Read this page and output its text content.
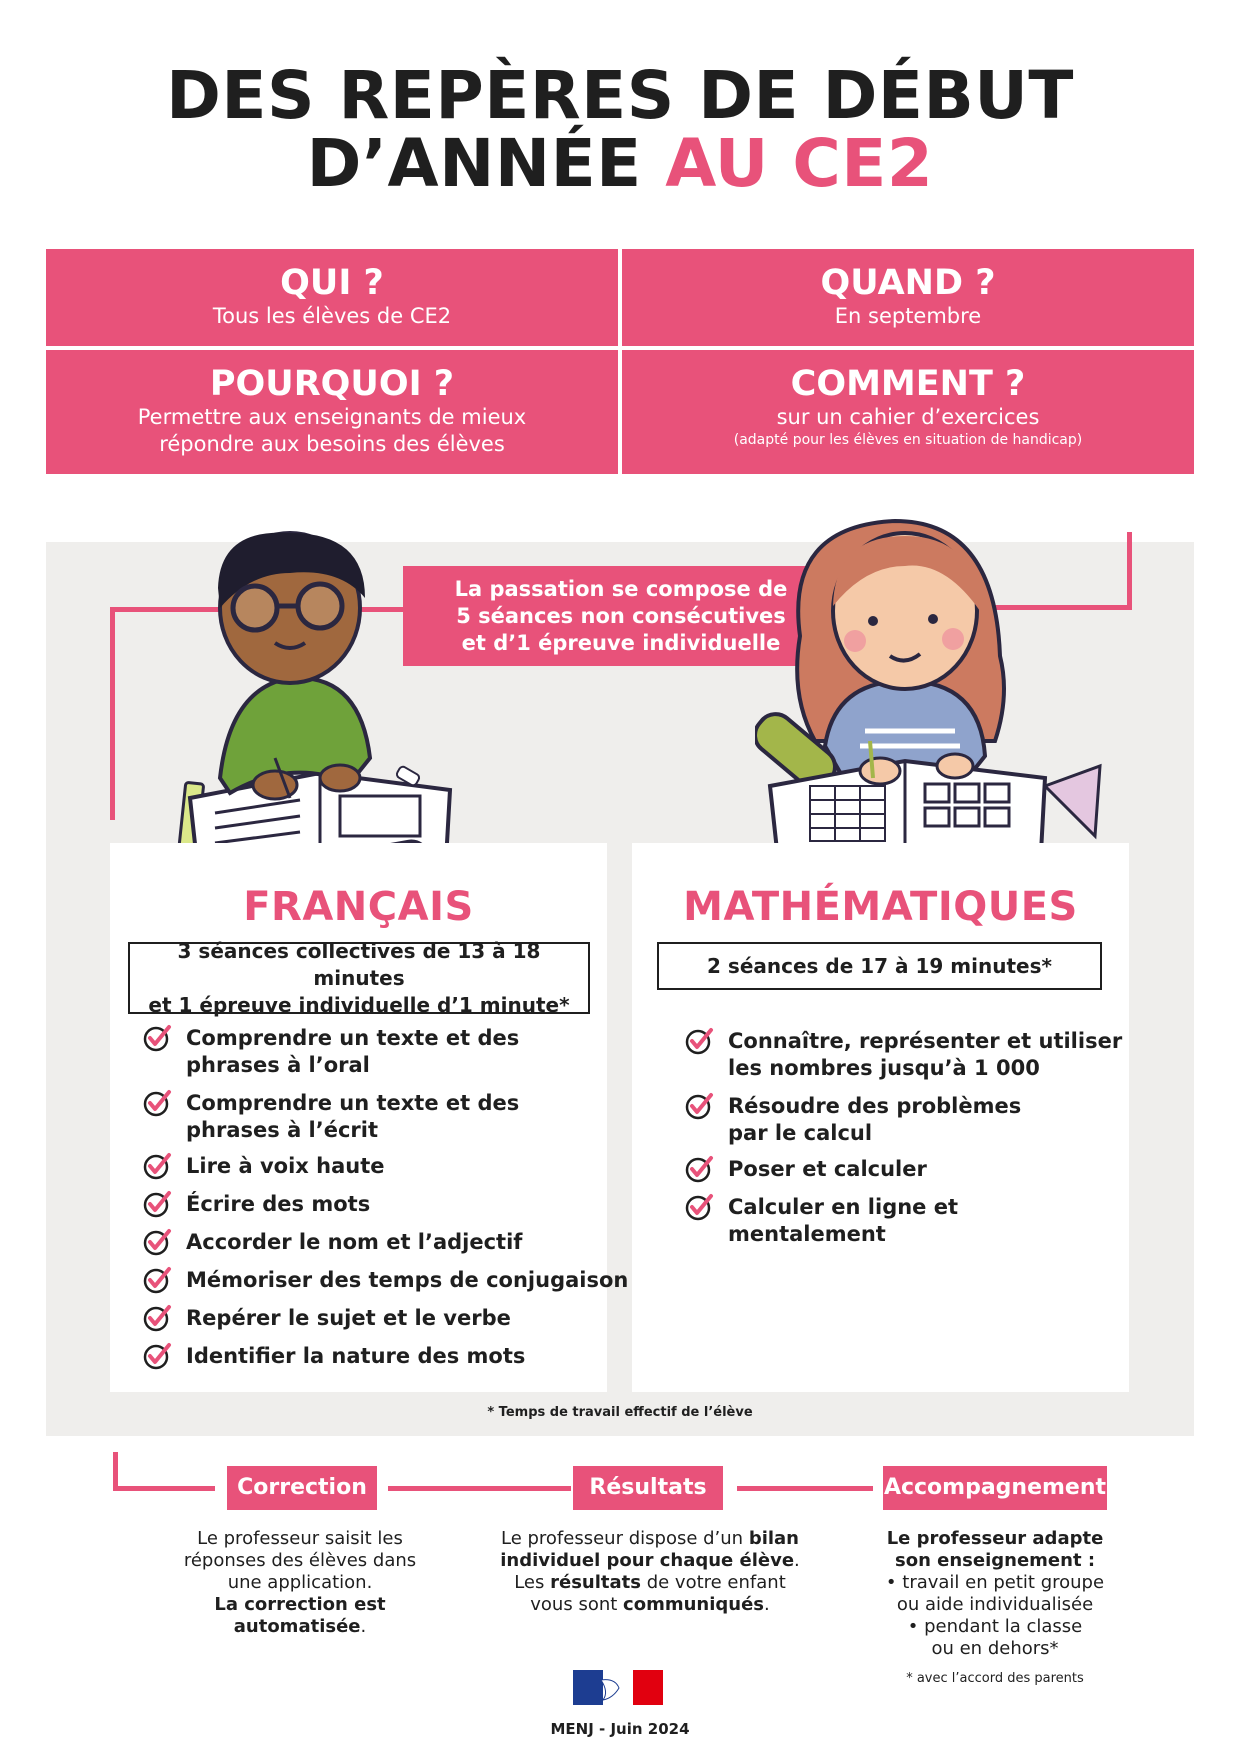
DES REPÈRES DE DÉBUT
D’ANNÉE AU CE2
QUI ?
Tous les élèves de CE2
QUAND ?
En septembre
POURQUOI ?
Permettre aux enseignants de mieux
répondre aux besoins des élèves
COMMENT ?
sur un cahier d’exercices
(adapté pour les élèves en situation de handicap)
La passation se compose de
5 séances non consécutives
et d’1 épreuve individuelle
FRANÇAIS
3 séances collectives de 13 à 18 minutes
et 1 épreuve individuelle d’1 minute*
Comprendre un texte et des
phrases à l’oral
Comprendre un texte et des
phrases à l’écrit
Lire à voix haute
Écrire des mots
Accorder le nom et l’adjectif
Mémoriser des temps de conjugaison
Repérer le sujet et le verbe
Identifier la nature des mots
MATHÉMATIQUES
2 séances de 17 à 19 minutes*
Connaître, représenter et utiliser
les nombres jusqu’à 1 000
Résoudre des problèmes
par le calcul
Poser et calculer
Calculer en ligne et
mentalement
* Temps de travail effectif de l’élève
Correction	Résultats	Accompagnement
Le professeur saisit les
réponses des élèves dans
une application.
La correction est automatisée.
Le professeur dispose d’un bilan
individuel pour chaque élève.
Les résultats de votre enfant
vous sont communiqués.
Le professeur adapte
son enseignement :
• travail en petit groupe
ou aide individualisée
• pendant la classe
ou en dehors*
* avec l’accord des parents
MENJ - Juin 2024
